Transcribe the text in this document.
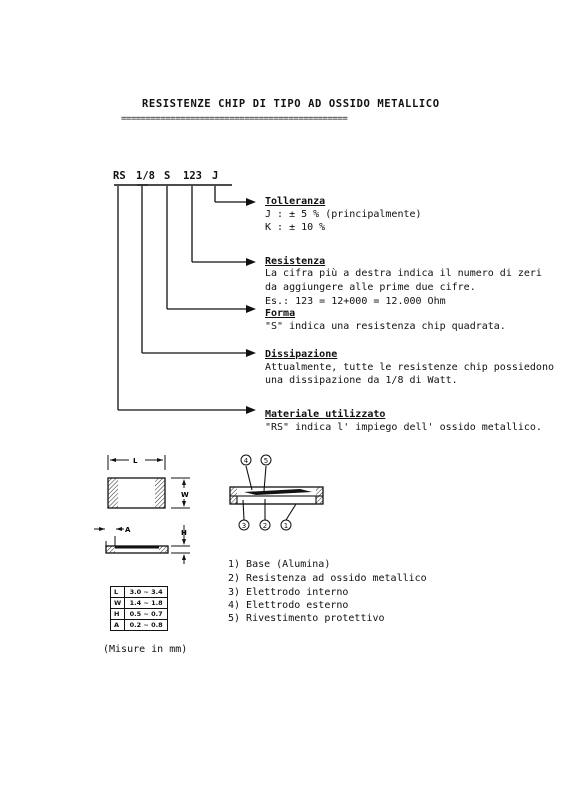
RESISTENZE CHIP DI TIPO AD OSSIDO METALLICO
==============================================
RS 1/8 S 123 J
Tolleranza
J : ± 5 % (principalmente)
K : ± 10 %
Resistenza
La cifra più a destra indica il numero di zeri
da aggiungere alle prime due cifre.
Es.: 123 = 12+000 = 12.000 Ohm
Forma
"S" indica una resistenza chip quadrata.
Dissipazione
Attualmente, tutte le resistenze chip possiedono
una dissipazione da 1/8 di Watt.
Materiale utilizzato
"RS" indica l' impiego dell' ossido metallico.
L
W
A	H
4 5
3 2 1
1) Base (Alumina)
2) Resistenza ad ossido metallico
3) Elettrodo interno
4) Elettrodo esterno
5) Rivestimento protettivo
L	3.0 ~ 3.4
W	1.4 ~ 1.8
H	0.5 ~ 0.7
A	0.2 ~ 0.8
(Misure in mm)
